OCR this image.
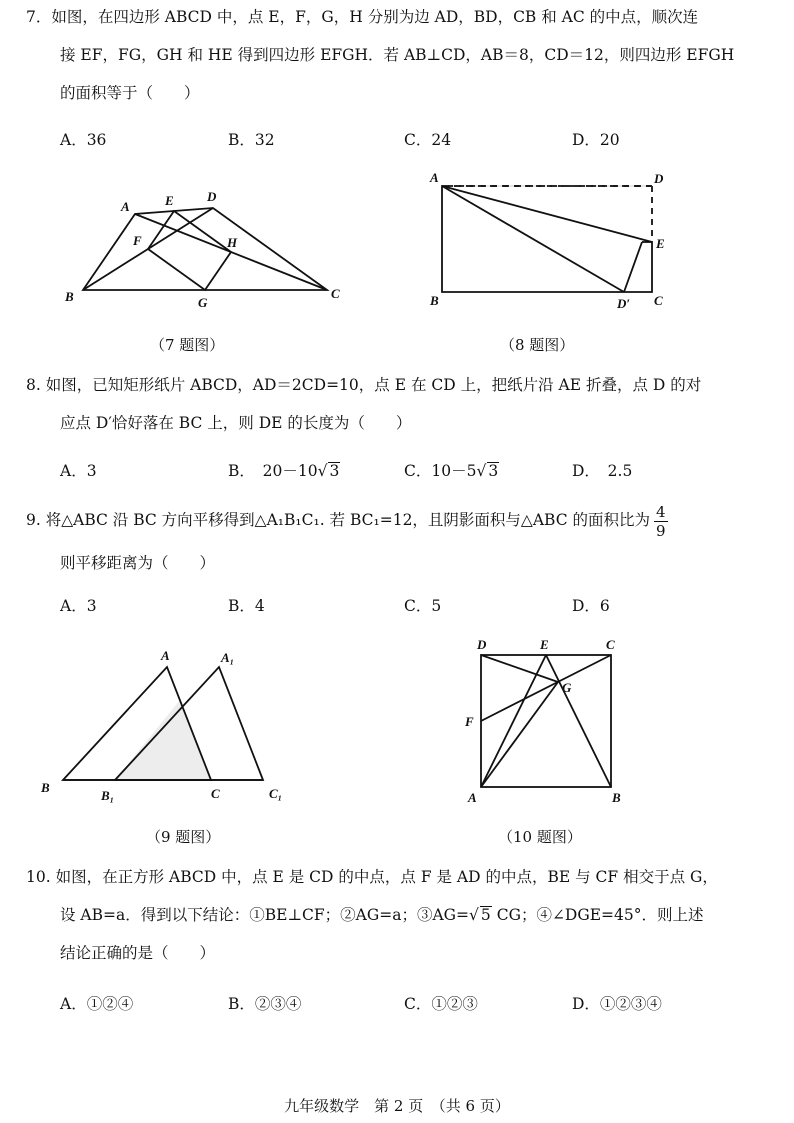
7．如图，在四边形 ABCD 中，点 E，F，G，H 分别为边 AD，BD，CB 和 AC 的中点，顺次连
接 EF，FG，GH 和 HE 得到四边形 EFGH．若 AB⊥CD，AB＝8，CD＝12，则四边形 EFGH
的面积等于（　　）
A．36	B．32	C．24	D．20
A	E	D
F	H
B	G
C
（7 题图）
A	D
E
B	D′ C
（8 题图）
8. 如图，已知矩形纸片 ABCD，AD＝2CD=10，点 E 在 CD 上，把纸片沿 AE 折叠，点 D 的对
应点 D′恰好落在 BC 上，则 DE 的长度为（　　）
A．3	B．　20－10√ 3	C．10－5√ 3	D．　2.5
9. 将△ABC 沿 BC 方向平移得到△A₁B₁C₁. 若 BC₁=12，且阴影面积与△ABC 的面积比为 $\frac{4}{9}$
则平移距离为（　　）
A．3	B．4	C．5	D．6
A	A₁
B
B₁	C	C₁
（9 题图）
D	E	C
G
F
A	B
（10 题图）
10. 如图，在正方形 ABCD 中，点 E 是 CD 的中点，点 F 是 AD 的中点，BE 与 CF 相交于点 G，
设 AB=a．得到以下结论：①BE⊥CF；②AG=a；③AG=√ 5 CG；④∠DGE=45°．则上述
结论正确的是（　　）
A．①②④	B．②③④	C．①②③	D．①②③④
九年级数学　第 2 页　（共 6 页）
